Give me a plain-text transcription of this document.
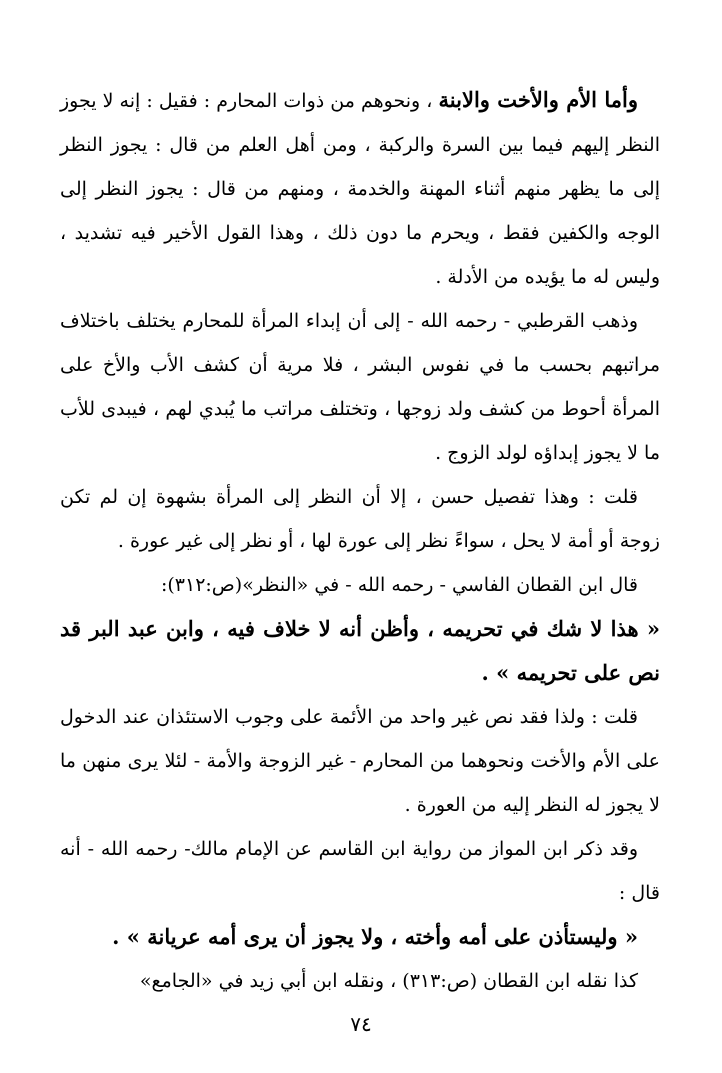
وأما الأم والأخت والابنة ، ونحوهم من ذوات المحارم : فقيل : إنه لا يجوز النظر إليهم فيما بين السرة والركبة ، ومن أهل العلم من قال : يجوز النظر إلى ما يظهر منهم أثناء المهنة والخدمة ، ومنهم من قال : يجوز النظر إلى الوجه والكفين فقط ، ويحرم ما دون ذلك ، وهذا القول الأخير فيه تشديد ، وليس له ما يؤيده من الأدلة .

وذهب القرطبي - رحمه الله - إلى أن إبداء المرأة للمحارم يختلف باختلاف مراتبهم بحسب ما في نفوس البشر ، فلا مرية أن كشف الأب والأخ على المرأة أحوط من كشف ولد زوجها ، وتختلف مراتب ما يُبدي لهم ، فيبدى للأب ما لا يجوز إبداؤه لولد الزوج .

قلت : وهذا تفصيل حسن ، إلا أن النظر إلى المرأة بشهوة إن لم تكن زوجة أو أمة لا يحل ، سواءً نظر إلى عورة لها ، أو نظر إلى غير عورة .

قال ابن القطان الفاسي - رحمه الله - في «النظر»(ص:٣١٢):

« هذا لا شك في تحريمه ، وأظن أنه لا خلاف فيه ، وابن عبد البر قد نص على تحريمه » .

قلت : ولذا فقد نص غير واحد من الأئمة على وجوب الاستئذان عند الدخول على الأم والأخت ونحوهما من المحارم - غير الزوجة والأمة - لئلا يرى منهن ما لا يجوز له النظر إليه من العورة .

وقد ذكر ابن المواز من رواية ابن القاسم عن الإمام مالك- رحمه الله - أنه قال :

« وليستأذن على أمه وأخته ، ولا يجوز أن يرى أمه عريانة » .

كذا نقله ابن القطان (ص:٣١٣) ، ونقله ابن أبي زيد في «الجامع»

٧٤
